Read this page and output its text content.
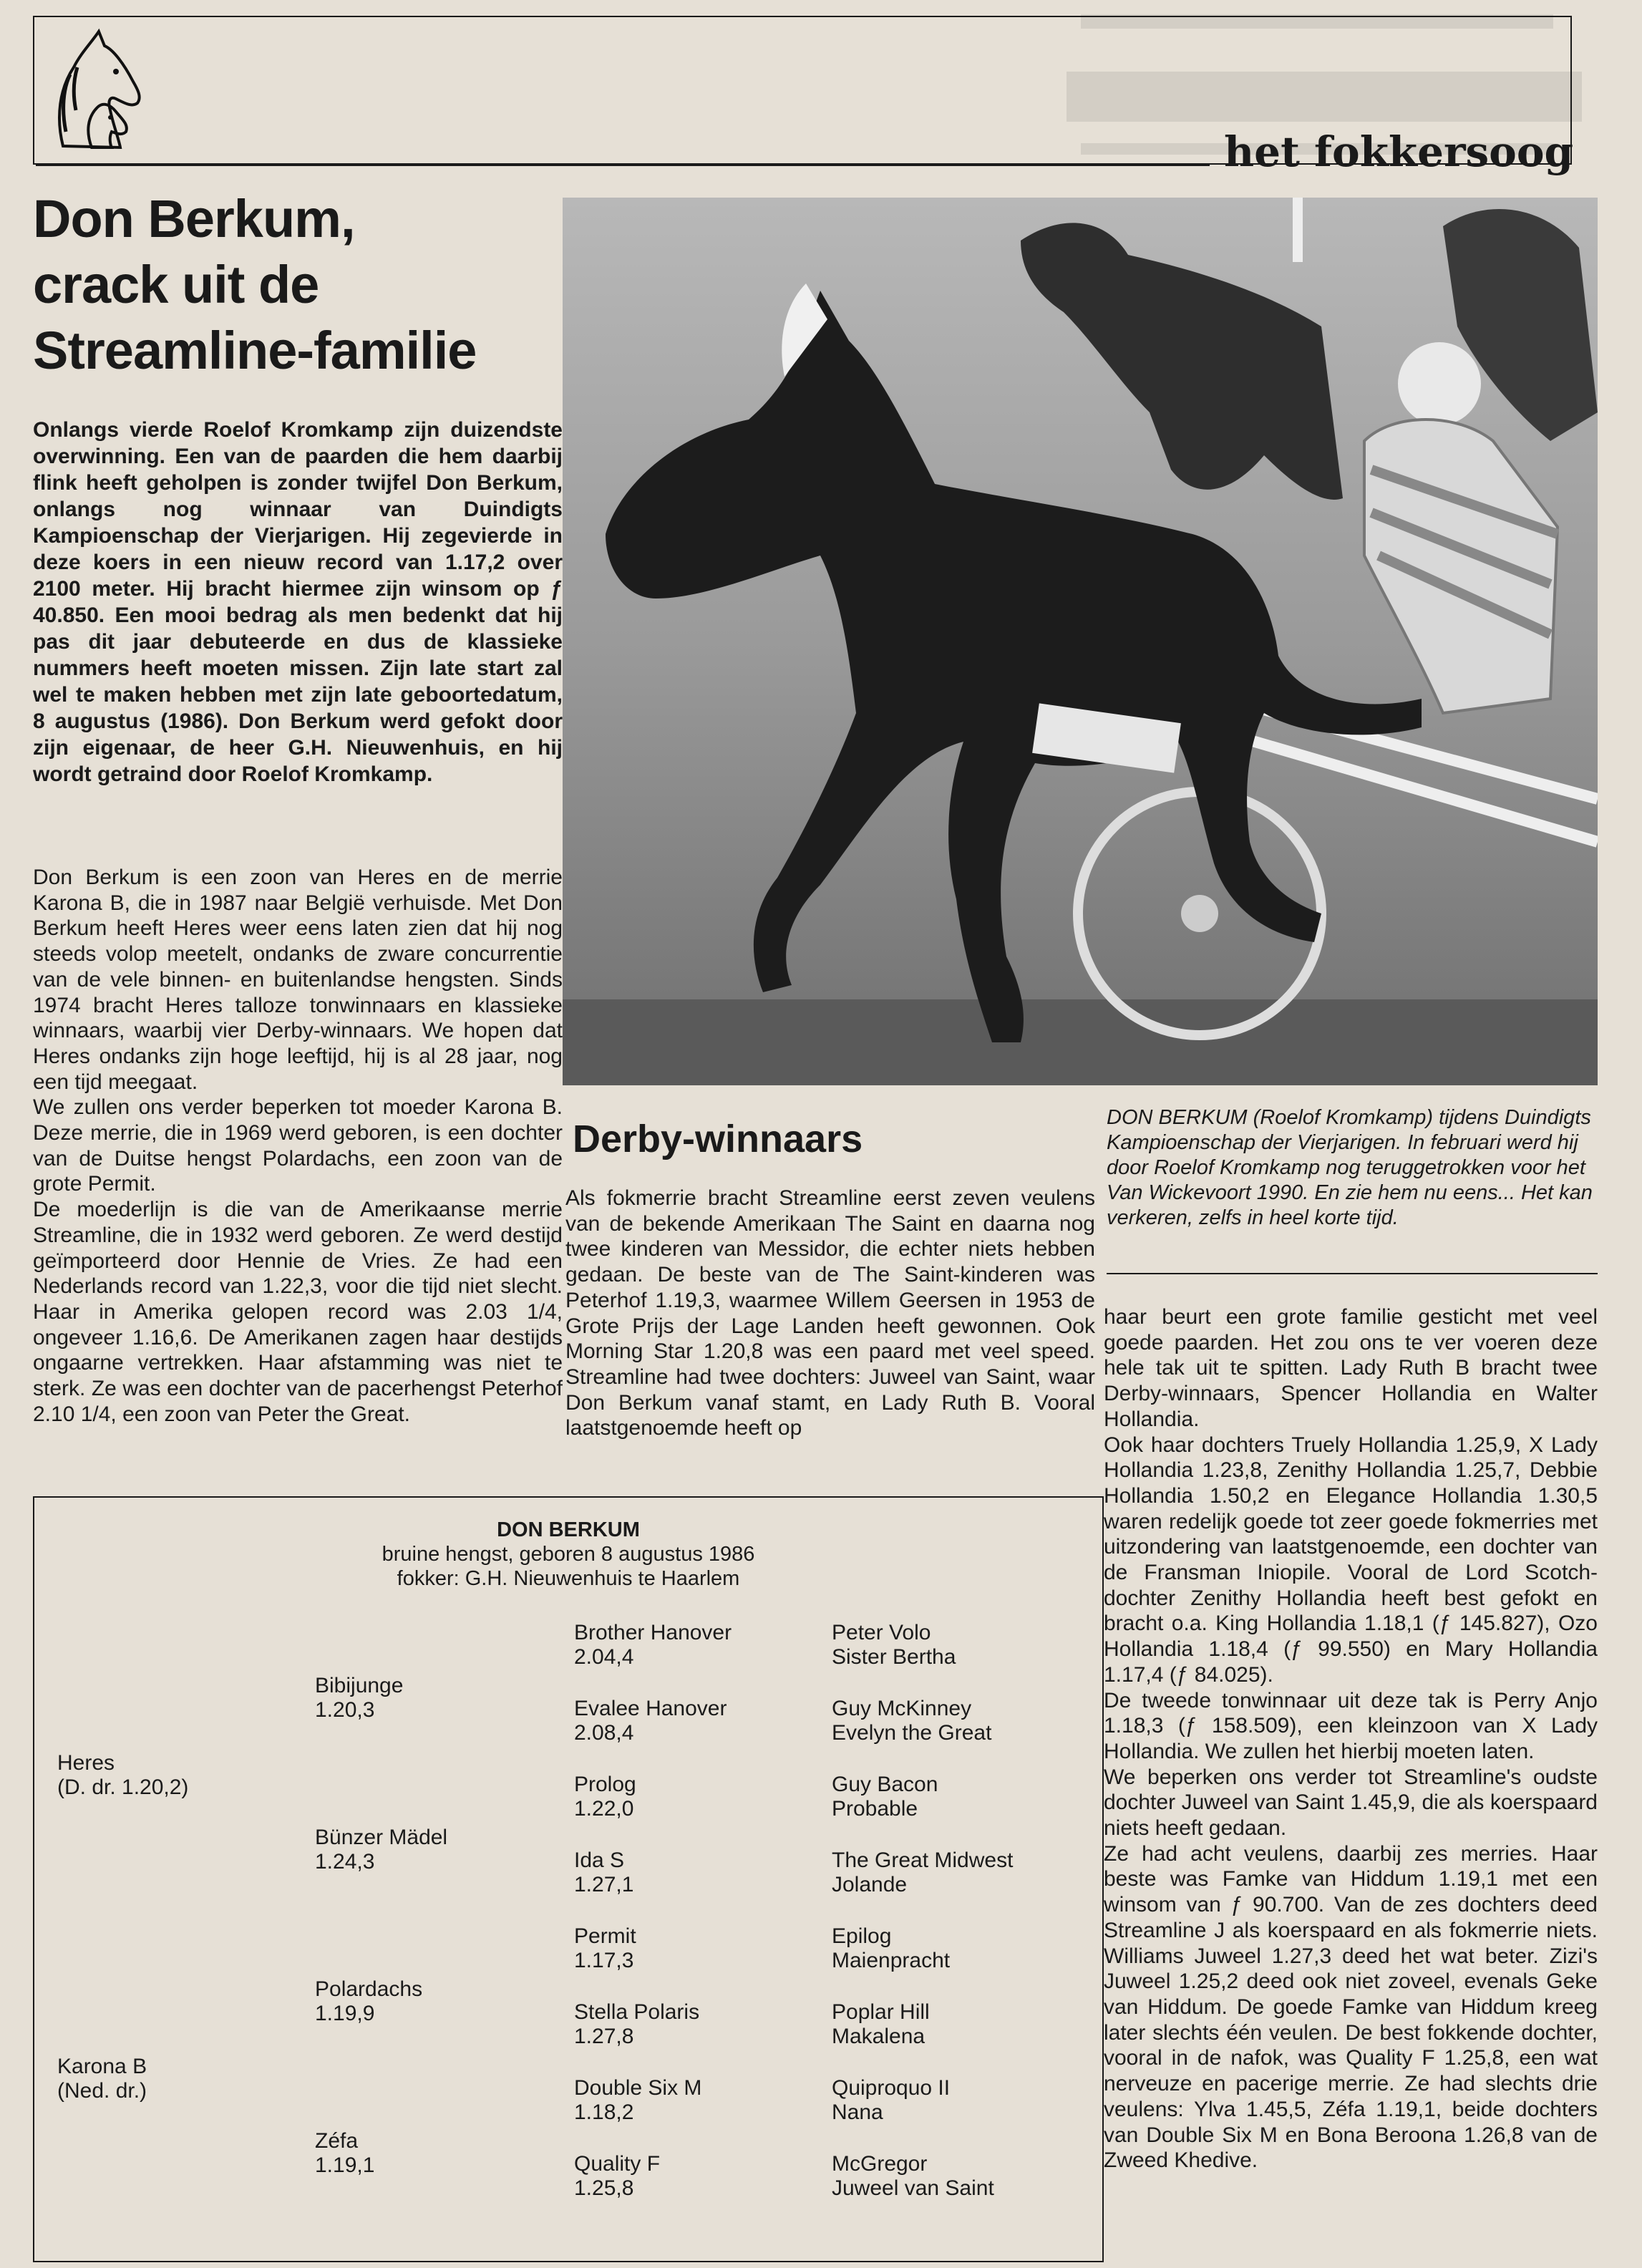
het fokkersoog
Don Berkum,
crack uit de
Streamline-familie
Onlangs vierde Roelof Kromkamp zijn duizendste overwinning. Een van de paarden die hem daarbij flink heeft geholpen is zonder twijfel Don Berkum, onlangs nog winnaar van Duindigts Kampioenschap der Vierjarigen. Hij zegevierde in deze koers in een nieuw record van 1.17,2 over 2100 meter. Hij bracht hiermee zijn winsom op ƒ 40.850. Een mooi bedrag als men bedenkt dat hij pas dit jaar debuteerde en dus de klassieke nummers heeft moeten missen. Zijn late start zal wel te maken hebben met zijn late geboortedatum, 8 augustus (1986). Don Berkum werd gefokt door zijn eigenaar, de heer G.H. Nieuwenhuis, en hij wordt getraind door Roelof Kromkamp.

Don Berkum is een zoon van Heres en de merrie Karona B, die in 1987 naar België verhuisde. Met Don Berkum heeft Heres weer eens laten zien dat hij nog steeds volop meetelt, ondanks de zware concurrentie van de vele binnen- en buitenlandse hengsten. Sinds 1974 bracht Heres talloze tonwinnaars en klassieke winnaars, waarbij vier Derby-winnaars. We hopen dat Heres ondanks zijn hoge leeftijd, hij is al 28 jaar, nog een tijd meegaat.

We zullen ons verder beperken tot moeder Karona B. Deze merrie, die in 1969 werd geboren, is een dochter van de Duitse hengst Polardachs, een zoon van de grote Permit.

De moederlijn is die van de Amerikaanse merrie Streamline, die in 1932 werd geboren. Ze werd destijd geïmporteerd door Hennie de Vries. Ze had een Nederlands record van 1.22,3, voor die tijd niet slecht. Haar in Amerika gelopen record was 2.03 1/4, ongeveer 1.16,6. De Amerikanen zagen haar destijds ongaarne vertrekken. Haar afstamming was niet te sterk. Ze was een dochter van de pacerhengst Peterhof 2.10 1/4, een zoon van Peter the Great.

Derby-winnaars
Als fokmerrie bracht Streamline eerst zeven veulens van de bekende Amerikaan The Saint en daarna nog twee kinderen van Messidor, die echter niets hebben gedaan. De beste van de The Saint-kinderen was Peterhof 1.19,3, waarmee Willem Geersen in 1953 de Grote Prijs der Lage Landen heeft gewonnen. Ook Morning Star 1.20,8 was een paard met veel speed. Streamline had twee dochters: Juweel van Saint, waar Don Berkum vanaf stamt, en Lady Ruth B. Vooral laatstgenoemde heeft op
DON BERKUM (Roelof Kromkamp) tijdens Duindigts Kampioenschap der Vierjarigen. In februari werd hij door Roelof Kromkamp nog teruggetrokken voor het Van Wickevoort 1990. En zie hem nu eens... Het kan verkeren, zelfs in heel korte tijd.

haar beurt een grote familie gesticht met veel goede paarden. Het zou ons te ver voeren deze hele tak uit te spitten. Lady Ruth B bracht twee Derby-winnaars, Spencer Hollandia en Walter Hollandia.

Ook haar dochters Truely Hollandia 1.25,9, X Lady Hollandia 1.23,8, Zenithy Hollandia 1.25,7, Debbie Hollandia 1.50,2 en Elegance Hollandia 1.30,5 waren redelijk goede tot zeer goede fokmerries met uitzondering van laatstgenoemde, een dochter van de Fransman Iniopile. Vooral de Lord Scotch-dochter Zenithy Hollandia heeft best gefokt en bracht o.a. King Hollandia 1.18,1 (ƒ 145.827), Ozo Hollandia 1.18,4 (ƒ 99.550) en Mary Hollandia 1.17,4 (ƒ 84.025).

De tweede tonwinnaar uit deze tak is Perry Anjo 1.18,3 (ƒ 158.509), een kleinzoon van X Lady Hollandia. We zullen het hierbij moeten laten.

We beperken ons verder tot Streamline's oudste dochter Juweel van Saint 1.45,9, die als koerspaard niets heeft gedaan.

Ze had acht veulens, daarbij zes merries. Haar beste was Famke van Hiddum 1.19,1 met een winsom van ƒ 90.700. Van de zes dochters deed Streamline J als koerspaard en als fokmerrie niets. Williams Juweel 1.27,3 deed het wat beter. Zizi's Juweel 1.25,2 deed ook niet zoveel, evenals Geke van Hiddum. De goede Famke van Hiddum kreeg later slechts één veulen. De best fokkende dochter, vooral in de nafok, was Quality F 1.25,8, een wat nerveuze en pacerige merrie. Ze had slechts drie veulens: Ylva 1.45,5, Zéfa 1.19,1, beide dochters van Double Six M en Bona Beroona 1.26,8 van de Zweed Khedive.

DON BERKUM
bruine hengst, geboren 8 augustus 1986
fokker: G.H. Nieuwenhuis te Haarlem
Heres
(D. dr. 1.20,2)
Karona B
(Ned. dr.)
Bibijunge
1.20,3
Bünzer Mädel
1.24,3
Polardachs
1.19,9
Zéfa
1.19,1
Brother Hanover
2.04,4
Evalee Hanover
2.08,4
Prolog
1.22,0
Ida S
1.27,1
Permit
1.17,3
Stella Polaris
1.27,8
Double Six M
1.18,2
Quality F
1.25,8
Peter Volo
Sister Bertha
Guy McKinney
Evelyn the Great
Guy Bacon
Probable
The Great Midwest
Jolande
Epilog
Maienpracht
Poplar Hill
Makalena
Quiproquo II
Nana
McGregor
Juweel van Saint
